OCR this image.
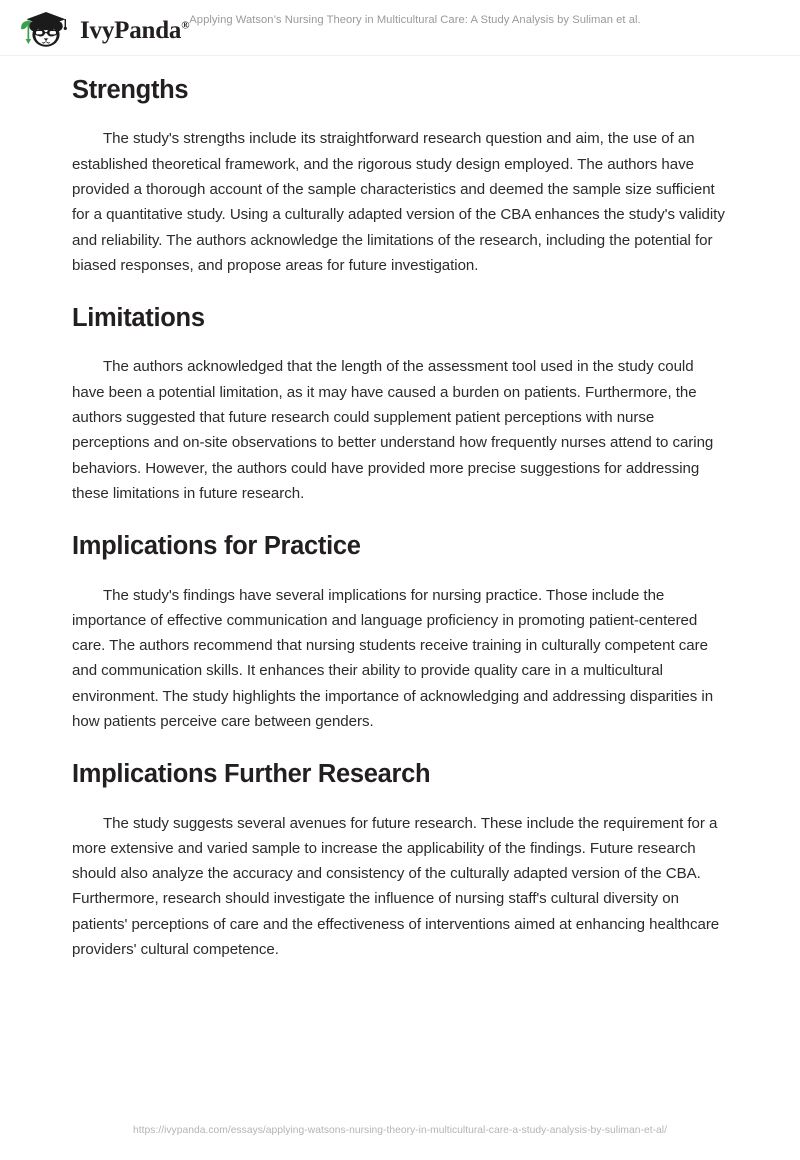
IvyPanda® Applying Watson’s Nursing Theory in Multicultural Care: A Study Analysis by Suliman et al.
Strengths

The study's strengths include its straightforward research question and aim, the use of an established theoretical framework, and the rigorous study design employed. The authors have provided a thorough account of the sample characteristics and deemed the sample size sufficient for a quantitative study. Using a culturally adapted version of the CBA enhances the study's validity and reliability. The authors acknowledge the limitations of the research, including the potential for biased responses, and propose areas for future investigation.

Limitations

The authors acknowledged that the length of the assessment tool used in the study could have been a potential limitation, as it may have caused a burden on patients. Furthermore, the authors suggested that future research could supplement patient perceptions with nurse perceptions and on-site observations to better understand how frequently nurses attend to caring behaviors. However, the authors could have provided more precise suggestions for addressing these limitations in future research.

Implications for Practice

The study's findings have several implications for nursing practice. Those include the importance of effective communication and language proficiency in promoting patient-centered care. The authors recommend that nursing students receive training in culturally competent care and communication skills. It enhances their ability to provide quality care in a multicultural environment. The study highlights the importance of acknowledging and addressing disparities in how patients perceive care between genders.

Implications Further Research

The study suggests several avenues for future research. These include the requirement for a more extensive and varied sample to increase the applicability of the findings. Future research should also analyze the accuracy and consistency of the culturally adapted version of the CBA. Furthermore, research should investigate the influence of nursing staff's cultural diversity on patients' perceptions of care and the effectiveness of interventions aimed at enhancing healthcare providers' cultural competence.

https://ivypanda.com/essays/applying-watsons-nursing-theory-in-multicultural-care-a-study-analysis-by-suliman-et-al/
